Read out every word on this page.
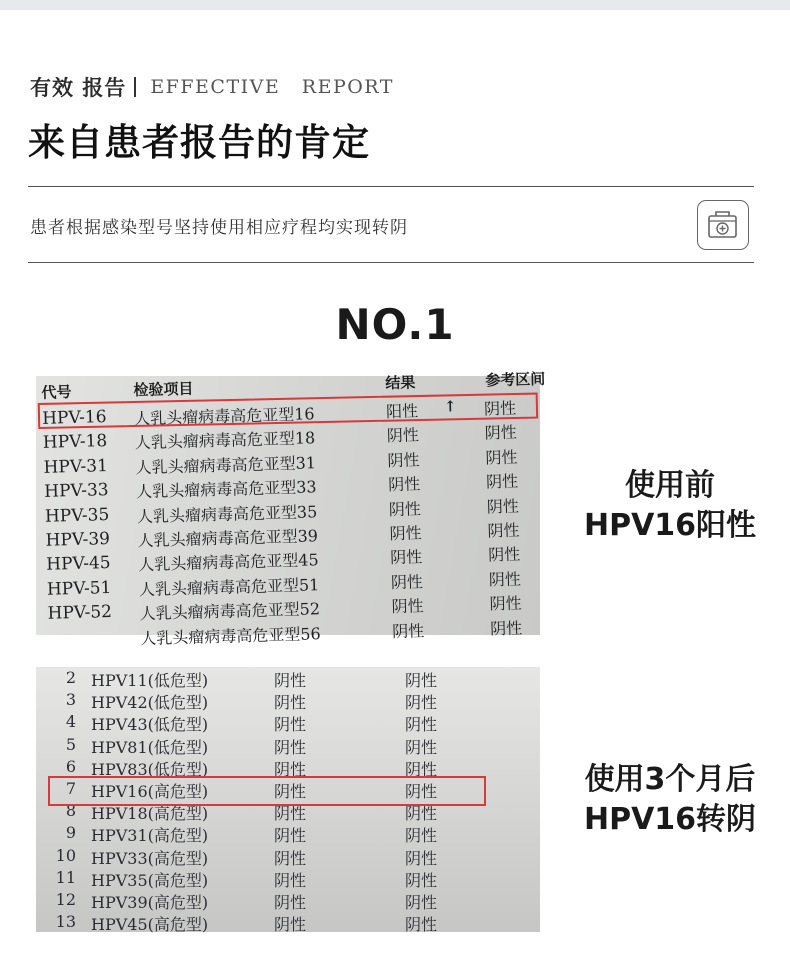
有效 报告 EFFECTIVE REPORT
来自患者报告的肯定
患者根据感染型号坚持使用相应疗程均实现转阴
NO.1
代号	检验项目	结果	参考区间
HPV-16 人乳头瘤病毒高危亚型16	阳性 ↑ 阴性
HPV-18 人乳头瘤病毒高危亚型18	阴性	阴性
HPV-31 人乳头瘤病毒高危亚型31	阴性	阴性
HPV-33 人乳头瘤病毒高危亚型33	阴性	阴性
HPV-35 人乳头瘤病毒高危亚型35	阴性	阴性
HPV-39 人乳头瘤病毒高危亚型39	阴性	阴性
HPV-45 人乳头瘤病毒高危亚型45	阴性	阴性
HPV-51 人乳头瘤病毒高危亚型51	阴性	阴性
HPV-52 人乳头瘤病毒高危亚型52	阴性	阴性
人乳头瘤病毒高危亚型56	阴性	阴性
使用前
HPV16阳性
2 HPV11(低危型)	阴性	阴性
3 HPV42(低危型)	阴性	阴性
4 HPV43(低危型)	阴性	阴性
5 HPV81(低危型)	阴性	阴性
6 HPV83(低危型)	阴性	阴性
7 HPV16(高危型)	阴性	阴性
8 HPV18(高危型)	阴性	阴性
9 HPV31(高危型)	阴性	阴性
10 HPV33(高危型)	阴性	阴性
11 HPV35(高危型)	阴性	阴性
12 HPV39(高危型)	阴性	阴性
13 HPV45(高危型)	阴性	阴性
使用3个月后
HPV16转阴
